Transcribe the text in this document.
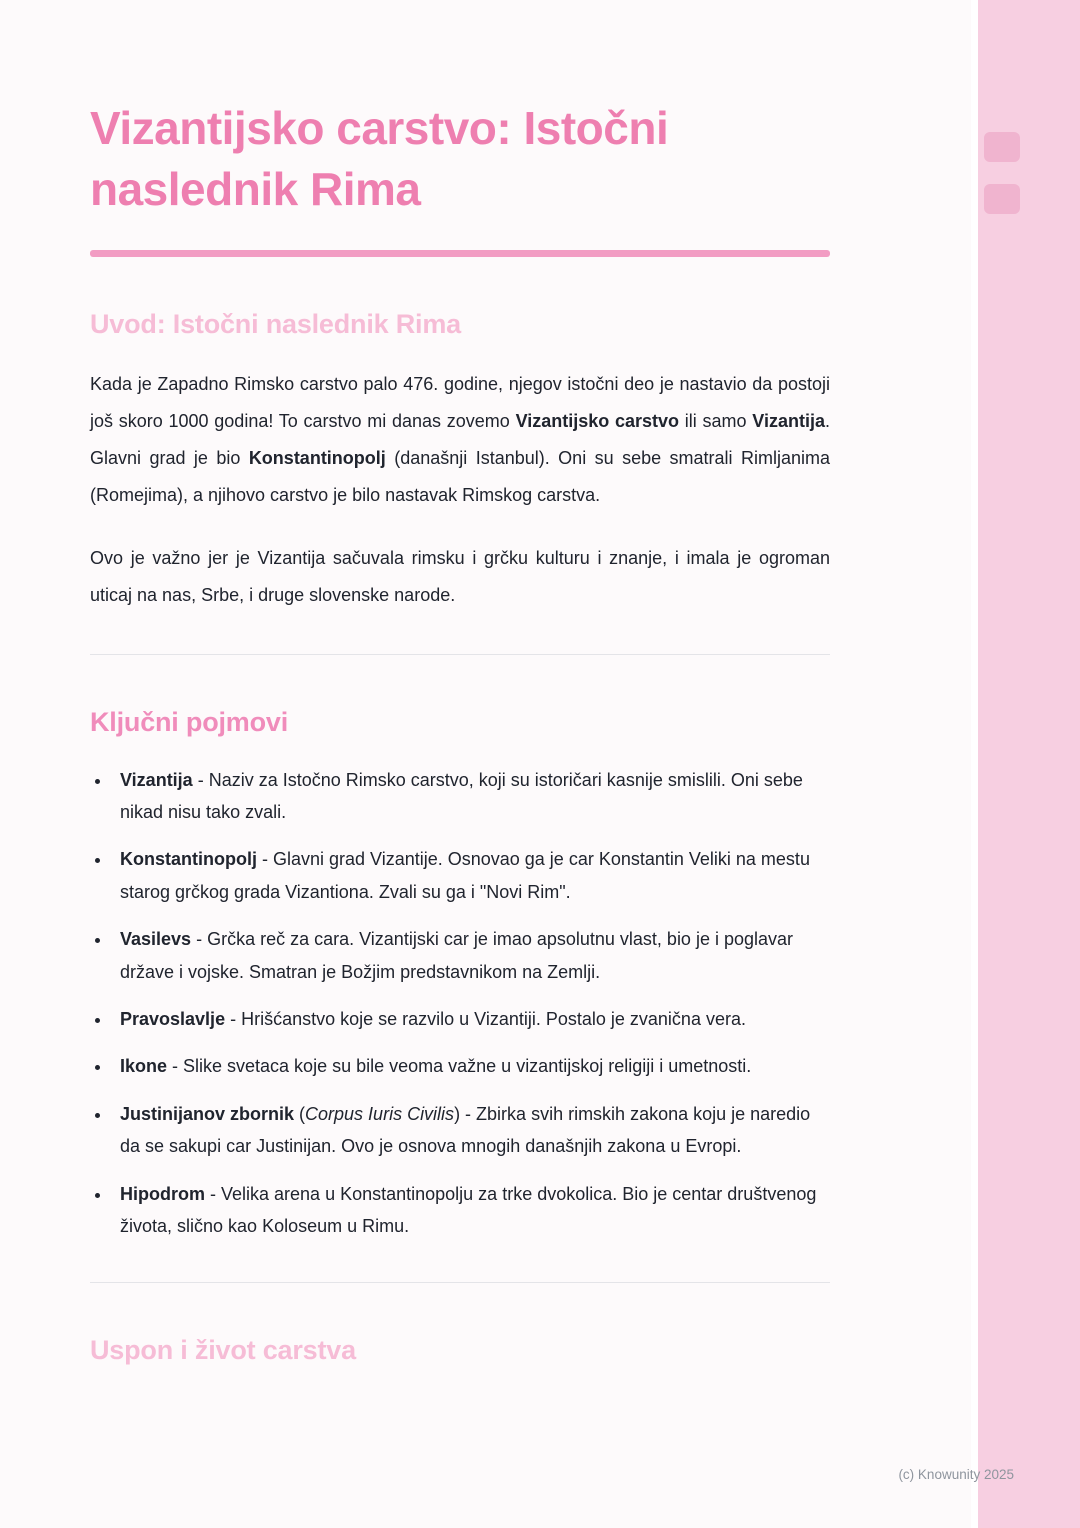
Vizantijsko carstvo: Istočni naslednik Rima
Uvod: Istočni naslednik Rima

Kada je Zapadno Rimsko carstvo palo 476. godine, njegov istočni deo je nastavio da postoji još skoro 1000 godina! To carstvo mi danas zovemo Vizantijsko carstvo ili samo Vizantija. Glavni grad je bio Konstantinopolj (današnji Istanbul). Oni su sebe smatrali Rimljanima (Romejima), a njihovo carstvo je bilo nastavak Rimskog carstva.

Ovo je važno jer je Vizantija sačuvala rimsku i grčku kulturu i znanje, i imala je ogroman uticaj na nas, Srbe, i druge slovenske narode.

Ključni pojmovi
• Vizantija - Naziv za Istočno Rimsko carstvo, koji su istoričari kasnije smislili. Oni sebe nikad nisu tako zvali.
• Konstantinopolj - Glavni grad Vizantije. Osnovao ga je car Konstantin Veliki na mestu starog grčkog grada Vizantiona. Zvali su ga i "Novi Rim".
• Vasilevs - Grčka reč za cara. Vizantijski car je imao apsolutnu vlast, bio je i poglavar države i vojske. Smatran je Božjim predstavnikom na Zemlji.
• Pravoslavlje - Hrišćanstvo koje se razvilo u Vizantiji. Postalo je zvanična vera.
• Ikone - Slike svetaca koje su bile veoma važne u vizantijskoj religiji i umetnosti.
• Justinijanov zbornik (Corpus Iuris Civilis) - Zbirka svih rimskih zakona koju je naredio da se sakupi car Justinijan. Ovo je osnova mnogih današnjih zakona u Evropi.
• Hipodrom - Velika arena u Konstantinopolju za trke dvokolica. Bio je centar društvenog života, slično kao Koloseum u Rimu.
Uspon i život carstva
(c) Knowunity 2025
